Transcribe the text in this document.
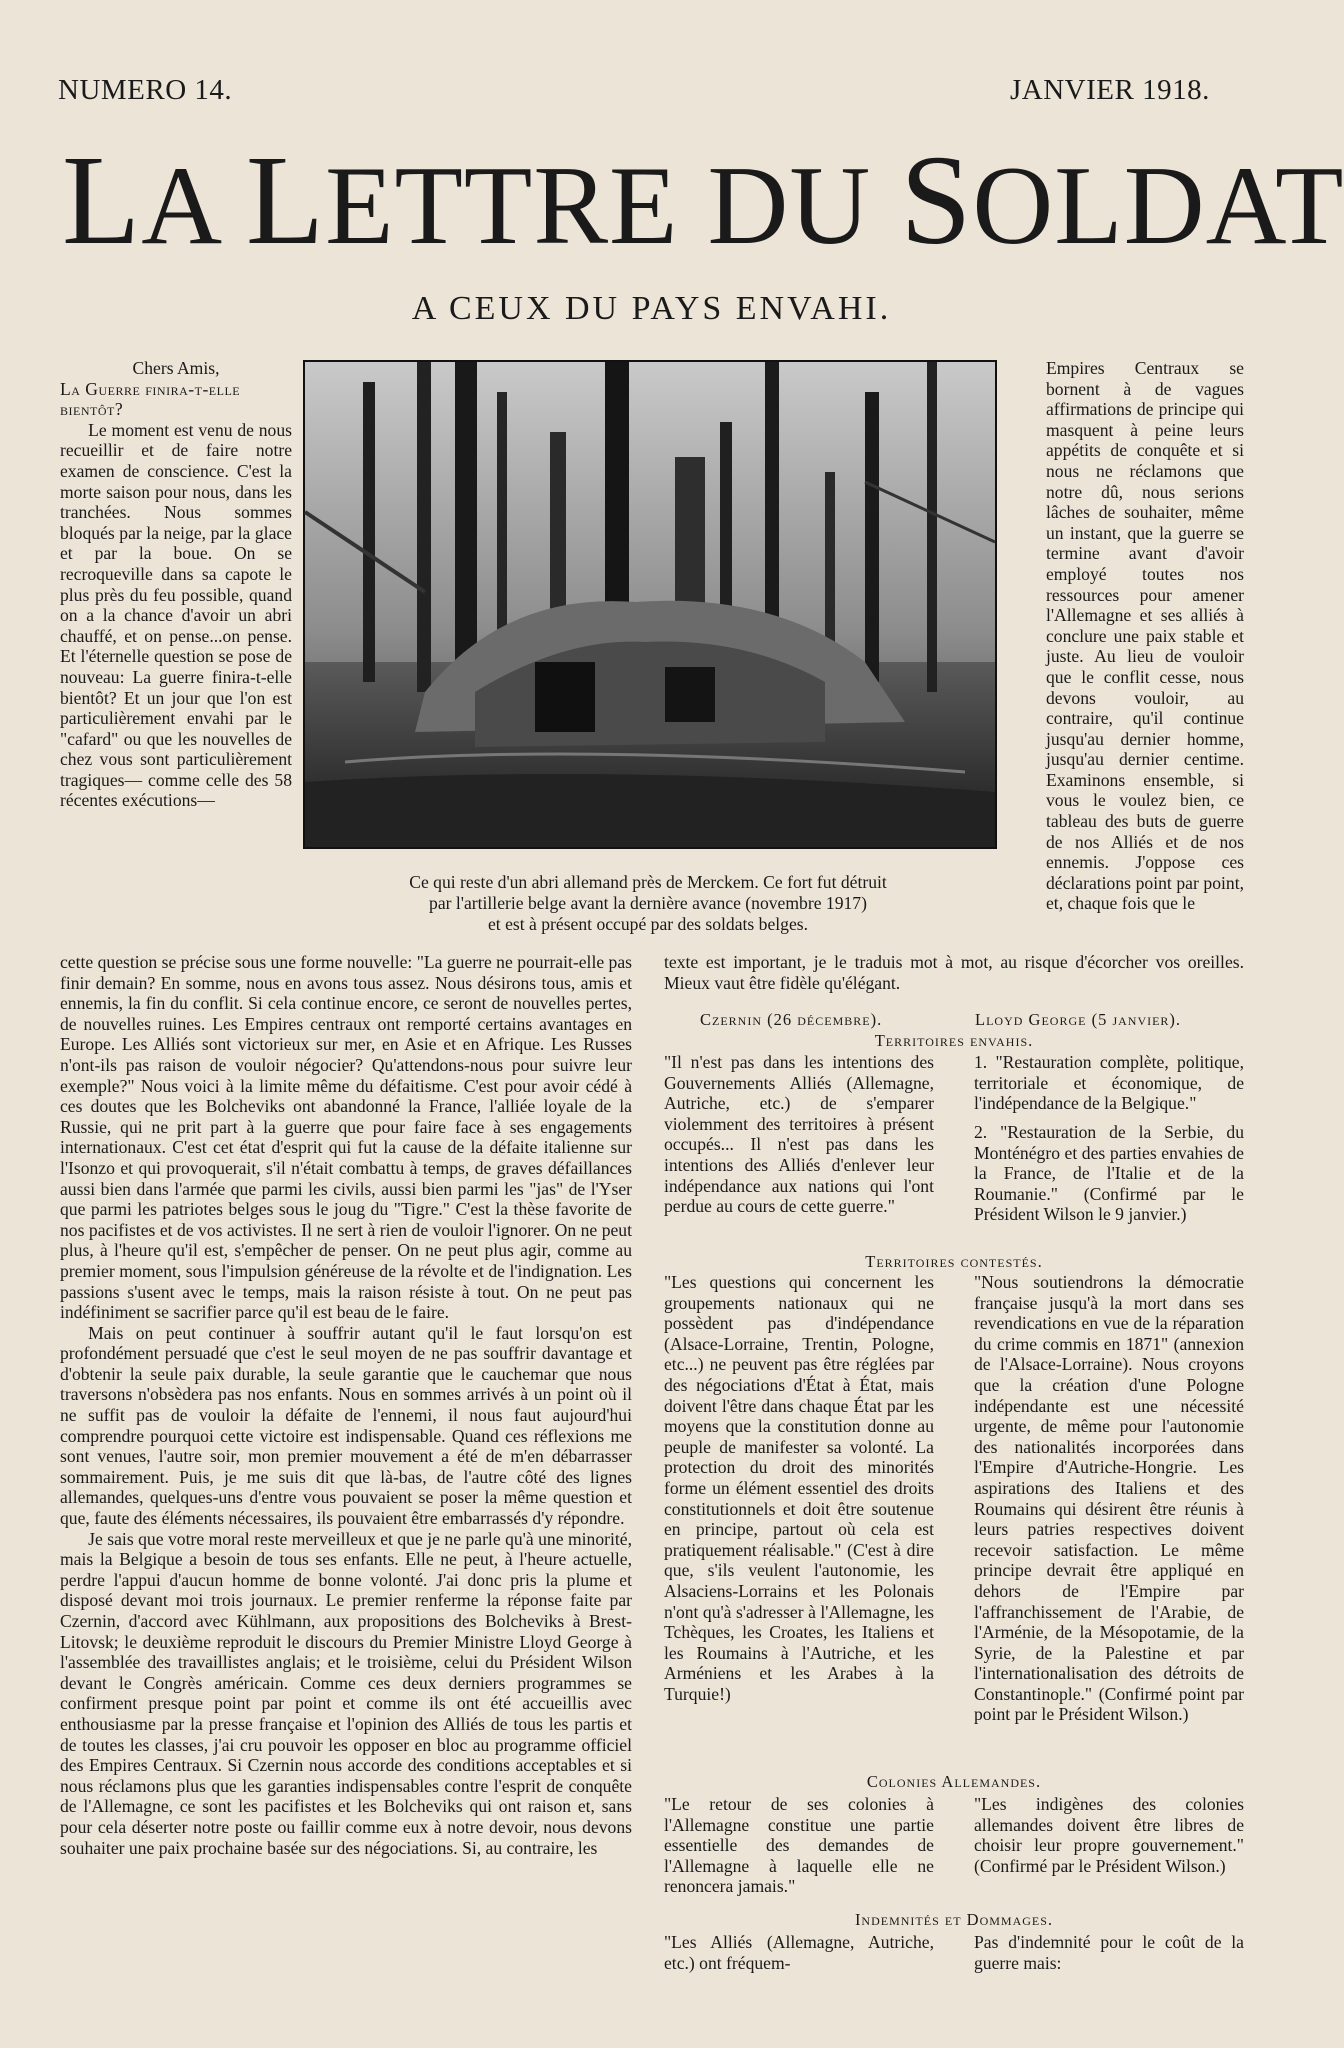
NUMERO 14.	JANVIER 1918.
LA LETTRE DU SOLDAT
A CEUX DU PAYS ENVAHI.

Chers Amis,

La Guerre finira-t-elle bientôt?

Le moment est venu de nous recueillir et de faire notre examen de conscience. C'est la morte saison pour nous, dans les tranchées. Nous sommes bloqués par la neige, par la glace et par la boue. On se recroqueville dans sa capote le plus près du feu possible, quand on a la chance d'avoir un abri chauffé, et on pense...on pense. Et l'éternelle question se pose de nouveau: La guerre finira-t-elle bientôt? Et un jour que l'on est particulièrement envahi par le "cafard" ou que les nouvelles de chez vous sont particulièrement tragiques— comme celle des 58 récentes exécutions—

Ce qui reste d'un abri allemand près de Merckem. Ce fort fut détruit
par l'artillerie belge avant la dernière avance (novembre 1917)
et est à présent occupé par des soldats belges.
Empires Centraux se bornent à de vagues affirmations de principe qui masquent à peine leurs appétits de conquête et si nous ne réclamons que notre dû, nous serions lâches de souhaiter, même un instant, que la guerre se termine avant d'avoir employé toutes nos ressources pour amener l'Allemagne et ses alliés à conclure une paix stable et juste. Au lieu de vouloir que le conflit cesse, nous devons vouloir, au contraire, qu'il continue jusqu'au dernier homme, jusqu'au dernier centime. Examinons ensemble, si vous le voulez bien, ce tableau des buts de guerre de nos Alliés et de nos ennemis. J'oppose ces déclarations point par point, et, chaque fois que le

cette question se précise sous une forme nouvelle: "La guerre ne pourrait-elle pas finir demain? En somme, nous en avons tous assez. Nous désirons tous, amis et ennemis, la fin du conflit. Si cela continue encore, ce seront de nouvelles pertes, de nouvelles ruines. Les Empires centraux ont remporté certains avantages en Europe. Les Alliés sont victorieux sur mer, en Asie et en Afrique. Les Russes n'ont-ils pas raison de vouloir négocier? Qu'attendons-nous pour suivre leur exemple?" Nous voici à la limite même du défaitisme. C'est pour avoir cédé à ces doutes que les Bolcheviks ont abandonné la France, l'alliée loyale de la Russie, qui ne prit part à la guerre que pour faire face à ses engagements internationaux. C'est cet état d'esprit qui fut la cause de la défaite italienne sur l'Isonzo et qui provoquerait, s'il n'était combattu à temps, de graves défaillances aussi bien dans l'armée que parmi les civils, aussi bien parmi les "jas" de l'Yser que parmi les patriotes belges sous le joug du "Tigre." C'est la thèse favorite de nos pacifistes et de vos activistes. Il ne sert à rien de vouloir l'ignorer. On ne peut plus, à l'heure qu'il est, s'empêcher de penser. On ne peut plus agir, comme au premier moment, sous l'impulsion généreuse de la révolte et de l'indignation. Les passions s'usent avec le temps, mais la raison résiste à tout. On ne peut pas indéfiniment se sacrifier parce qu'il est beau de le faire.

Mais on peut continuer à souffrir autant qu'il le faut lorsqu'on est profondément persuadé que c'est le seul moyen de ne pas souffrir davantage et d'obtenir la seule paix durable, la seule garantie que le cauchemar que nous traversons n'obsèdera pas nos enfants. Nous en sommes arrivés à un point où il ne suffit pas de vouloir la défaite de l'ennemi, il nous faut aujourd'hui comprendre pourquoi cette victoire est indispensable. Quand ces réflexions me sont venues, l'autre soir, mon premier mouvement a été de m'en débarrasser sommairement. Puis, je me suis dit que là-bas, de l'autre côté des lignes allemandes, quelques-uns d'entre vous pouvaient se poser la même question et que, faute des éléments nécessaires, ils pouvaient être embarrassés d'y répondre.

Je sais que votre moral reste merveilleux et que je ne parle qu'à une minorité, mais la Belgique a besoin de tous ses enfants. Elle ne peut, à l'heure actuelle, perdre l'appui d'aucun homme de bonne volonté. J'ai donc pris la plume et disposé devant moi trois journaux. Le premier renferme la réponse faite par Czernin, d'accord avec Kühlmann, aux propositions des Bolcheviks à Brest-Litovsk; le deuxième reproduit le discours du Premier Ministre Lloyd George à l'assemblée des travaillistes anglais; et le troisième, celui du Président Wilson devant le Congrès américain. Comme ces deux derniers programmes se confirment presque point par point et comme ils ont été accueillis avec enthousiasme par la presse française et l'opinion des Alliés de tous les partis et de toutes les classes, j'ai cru pouvoir les opposer en bloc au programme officiel des Empires Centraux. Si Czernin nous accorde des conditions acceptables et si nous réclamons plus que les garanties indispensables contre l'esprit de conquête de l'Allemagne, ce sont les pacifistes et les Bolcheviks qui ont raison et, sans pour cela déserter notre poste ou faillir comme eux à notre devoir, nous devons souhaiter une paix prochaine basée sur des négociations. Si, au contraire, les

texte est important, je le traduis mot à mot, au risque d'écorcher vos oreilles. Mieux vaut être fidèle qu'élégant.
Czernin (26 décembre).	Lloyd George (5 janvier).
Territoires envahis.
"Il n'est pas dans les intentions des Gouvernements Alliés (Allemagne, Autriche, etc.) de s'emparer violemment des territoires à présent occupés... Il n'est pas dans les intentions des Alliés d'enlever leur indépendance aux nations qui l'ont perdue au cours de cette guerre."
1. "Restauration complète, politique, territoriale et économique, de l'indépendance de la Belgique."
2. "Restauration de la Serbie, du Monténégro et des parties envahies de la France, de l'Italie et de la Roumanie." (Confirmé par le Président Wilson le 9 janvier.)
Territoires contestés.
"Les questions qui concernent les groupements nationaux qui ne possèdent pas d'indépendance (Alsace-Lorraine, Trentin, Pologne, etc...) ne peuvent pas être réglées par des négociations d'État à État, mais doivent l'être dans chaque État par les moyens que la constitution donne au peuple de manifester sa volonté. La protection du droit des minorités forme un élément essentiel des droits constitutionnels et doit être soutenue en principe, partout où cela est pratiquement réalisable." (C'est à dire que, s'ils veulent l'autonomie, les Alsaciens-Lorrains et les Polonais n'ont qu'à s'adresser à l'Allemagne, les Tchèques, les Croates, les Italiens et les Roumains à l'Autriche, et les Arméniens et les Arabes à la Turquie!)
"Nous soutiendrons la démocratie française jusqu'à la mort dans ses revendications en vue de la réparation du crime commis en 1871" (annexion de l'Alsace-Lorraine). Nous croyons que la création d'une Pologne indépendante est une nécessité urgente, de même pour l'autonomie des nationalités incorporées dans l'Empire d'Autriche-Hongrie. Les aspirations des Italiens et des Roumains qui désirent être réunis à leurs patries respectives doivent recevoir satisfaction. Le même principe devrait être appliqué en dehors de l'Empire par l'affranchissement de l'Arabie, de l'Arménie, de la Mésopotamie, de la Syrie, de la Palestine et par l'internationalisation des détroits de Constantinople." (Confirmé point par point par le Président Wilson.)
Colonies Allemandes.
"Le retour de ses colonies à l'Allemagne constitue une partie essentielle des demandes de l'Allemagne à laquelle elle ne renoncera jamais."
"Les indigènes des colonies allemandes doivent être libres de choisir leur propre gouvernement." (Confirmé par le Président Wilson.)
Indemnités et Dommages.
"Les Alliés (Allemagne, Autriche, etc.) ont fréquem-
Pas d'indemnité pour le coût de la guerre mais:
